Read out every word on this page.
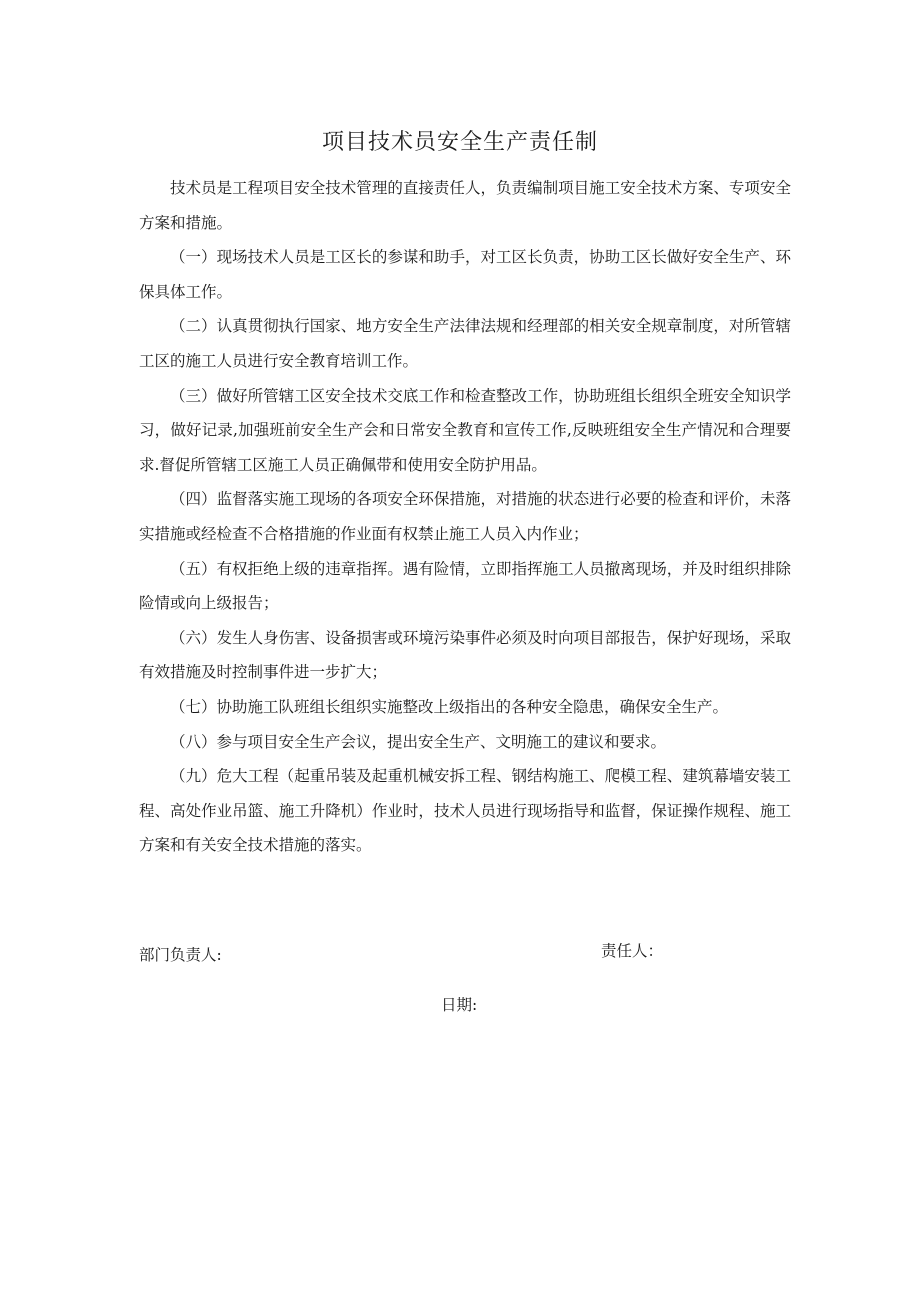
项目技术员安全生产责任制

技术员是工程项目安全技术管理的直接责任人，负责编制项目施工安全技术方案、专项安全方案和措施。

（一）现场技术人员是工区长的参谋和助手，对工区长负责，协助工区长做好安全生产、环保具体工作。

（二）认真贯彻执行国家、地方安全生产法律法规和经理部的相关安全规章制度，对所管辖工区的施工人员进行安全教育培训工作。

（三）做好所管辖工区安全技术交底工作和检查整改工作，协助班组长组织全班安全知识学习，做好记录,加强班前安全生产会和日常安全教育和宣传工作,反映班组安全生产情况和合理要求.督促所管辖工区施工人员正确佩带和使用安全防护用品。

（四）监督落实施工现场的各项安全环保措施，对措施的状态进行必要的检查和评价，未落实措施或经检查不合格措施的作业面有权禁止施工人员入内作业；

（五）有权拒绝上级的违章指挥。遇有险情，立即指挥施工人员撤离现场，并及时组织排除险情或向上级报告；

（六）发生人身伤害、设备损害或环境污染事件必须及时向项目部报告，保护好现场，采取有效措施及时控制事件进一步扩大；

（七）协助施工队班组长组织实施整改上级指出的各种安全隐患，确保安全生产。

（八）参与项目安全生产会议，提出安全生产、文明施工的建议和要求。

（九）危大工程（起重吊装及起重机械安拆工程、钢结构施工、爬模工程、建筑幕墙安装工程、高处作业吊篮、施工升降机）作业时，技术人员进行现场指导和监督，保证操作规程、施工方案和有关安全技术措施的落实。

部门负责人:	责任人：
日期:
